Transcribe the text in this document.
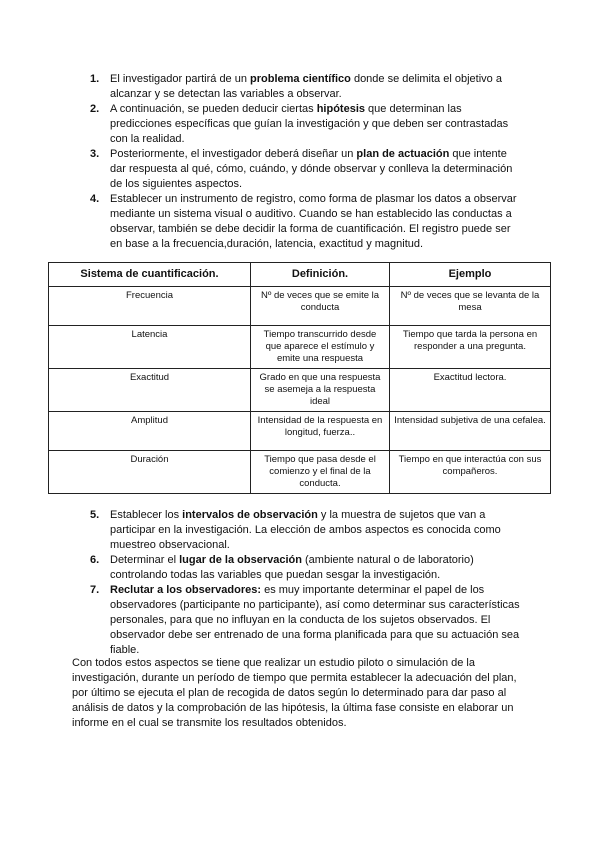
1. El investigador partirá de un problema científico donde se delimita el objetivo a alcanzar y se detectan las variables a observar.
2. A continuación, se pueden deducir ciertas hipótesis que determinan las predicciones específicas que guían la investigación y que deben ser contrastadas con la realidad.
3. Posteriormente, el investigador deberá diseñar un plan de actuación que intente dar respuesta al qué, cómo, cuándo, y dónde observar y conlleva la determinación de los siguientes aspectos.
4. Establecer un instrumento de registro, como forma de plasmar los datos a observar mediante un sistema visual o auditivo. Cuando se han establecido las conductas a observar, también se debe decidir la forma de cuantificación. El registro puede ser en base a la frecuencia,duración, latencia, exactitud y magnitud.
Sistema de cuantificación.	Definición.	Ejemplo
Frecuencia	Nº de veces que se emite la conducta	Nº de veces que se levanta de la mesa
Latencia	Tiempo transcurrido desde que aparece el estímulo y emite una respuesta	Tiempo que tarda la persona en responder a una pregunta.
Exactitud	Grado en que una respuesta se asemeja a la respuesta ideal	Exactitud lectora.
Amplitud	Intensidad de la respuesta en longitud, fuerza..	Intensidad subjetiva de una cefalea.
Duración	Tiempo que pasa desde el comienzo y el final de la conducta.	Tiempo en que interactúa con sus compañeros.
5. Establecer los intervalos de observación y la muestra de sujetos que van a participar en la investigación. La elección de ambos aspectos es conocida como muestreo observacional.
6. Determinar el lugar de la observación (ambiente natural o de laboratorio) controlando todas las variables que puedan sesgar la investigación.
7. Reclutar a los observadores: es muy importante determinar el papel de los observadores (participante no participante), así como determinar sus características personales, para que no influyan en la conducta de los sujetos observados. El observador debe ser entrenado de una forma planificada para que su actuación sea fiable.

Con todos estos aspectos se tiene que realizar un estudio piloto o simulación de la investigación, durante un período de tiempo que permita establecer la adecuación del plan, por último se ejecuta el plan de recogida de datos según lo determinado para dar paso al análisis de datos y la comprobación de las hipótesis, la última fase consiste en elaborar un informe en el cual se transmite los resultados obtenidos.
